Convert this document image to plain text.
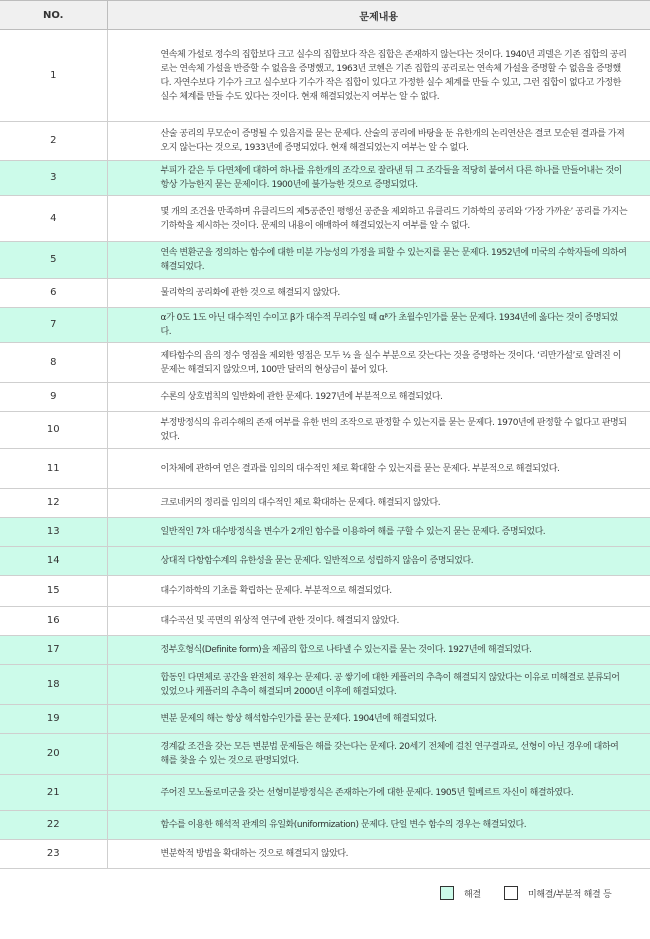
NO.	문제내용
1	연속체 가설로 정수의 집합보다 크고 실수의 집합보다 작은 집합은 존재하지 않는다는 것이다. 1940년 괴델은 기존 집합의 공리로는 연속체 가설을 반증할 수 없음을 증명했고, 1963년 코헨은 기존 집합의 공리로는 연속체 가설을 증명할 수 없음을 증명했다. 자연수보다 기수가 크고 실수보다 기수가 작은 집합이 있다고 가정한 실수 체계를 만들 수 있고, 그런 집합이 없다고 가정한 실수 체계를 만들 수도 있다는 것이다. 현재 해결되었는지 여부는 알 수 없다.
2	산술 공리의 무모순이 증명될 수 있음지를 묻는 문제다. 산술의 공리에 바탕을 둔 유한개의 논리연산은 결코 모순된 결과를 가져오지 않는다는 것으로, 1933년에 증명되었다. 현재 해결되었는지 여부는 알 수 없다.
3	부피가 같은 두 다면체에 대하여 하나를 유한개의 조각으로 잘라낸 뒤 그 조각들을 적당히 붙여서 다른 하나를 만들어내는 것이 항상 가능한지 묻는 문제이다. 1900년에 불가능한 것으로 증명되었다.
4	몇 개의 조건을 만족하며 유클리드의 제5공준인 평행선 공준을 제외하고 유클리드 기하학의 공리와 ‘가장 가까운’ 공리를 가지는 기하학을 제시하는 것이다. 문제의 내용이 애매하여 해결되었는지 여부를 알 수 없다.
5	연속 변환군을 정의하는 함수에 대한 미분 가능성의 가정을 피할 수 있는지를 묻는 문제다. 1952년에 미국의 수학자들에 의하여 해결되었다.
6	물리학의 공리화에 관한 것으로 해결되지 않았다.
7	α가 0도 1도 아닌 대수적인 수이고 β가 대수적 무리수일 때 αᵝ가 초월수인가를 묻는 문제다. 1934년에 옳다는 것이 증명되었다.
8	제타함수의 음의 정수 영점을 제외한 영점은 모두 ½ 을 실수 부분으로 갖는다는 것을 증명하는 것이다. ‘리만가설’로 알려진 이 문제는 해결되지 않았으며, 100만 달러의 현상금이 붙어 있다.
9	수론의 상호법칙의 일반화에 관한 문제다. 1927년에 부분적으로 해결되었다.
10	부정방정식의 유리수해의 존재 여부를 유한 번의 조작으로 판정할 수 있는지를 묻는 문제다. 1970년에 판정할 수 없다고 판명되었다.
11	이차체에 관하여 얻은 결과를 임의의 대수적인 체로 확대할 수 있는지를 묻는 문제다. 부분적으로 해결되었다.
12	크로네커의 정리를 임의의 대수적인 체로 확대하는 문제다. 해결되지 않았다.
13	일반적인 7차 대수방정식을 변수가 2개인 함수를 이용하여 해를 구할 수 있는지 묻는 문제다. 증명되었다.
14	상대적 다항함수계의 유한성을 묻는 문제다. 일반적으로 성립하지 않음이 증명되었다.
15	대수기하학의 기초를 확립하는 문제다. 부분적으로 해결되었다.
16	대수곡선 및 곡면의 위상적 연구에 관한 것이다. 해결되지 않았다.
17	정부호형식(Definite form)을 제곱의 합으로 나타낼 수 있는지를 묻는 것이다. 1927년에 해결되었다.
18	합동인 다면체로 공간을 완전히 채우는 문제다. 공 쌓기에 대한 케플러의 추측이 해결되지 않았다는 이유로 미해결로 분류되어 있었으나 케플러의 추측이 해결되며 2000년 이후에 해결되었다.
19	변분 문제의 해는 항상 해석함수인가를 묻는 문제다. 1904년에 해결되었다.
20	경계값 조건을 갖는 모든 변분법 문제들은 해를 갖는다는 문제다. 20세기 전체에 걸친 연구결과로, 선형이 아닌 경우에 대하여 해를 찾을 수 있는 것으로 판명되었다.
21	주어진 모노돌로미군을 갖는 선형미분방정식은 존재하는가에 대한 문제다. 1905년 힐베르트 자신이 해결하였다.
22	함수를 이용한 해석적 관계의 유일화(uniformization) 문제다. 단일 변수 함수의 경우는 해결되었다.
23	변분학적 방법을 확대하는 것으로 해결되지 않았다.
해결	미해결/부분적 해결 등
